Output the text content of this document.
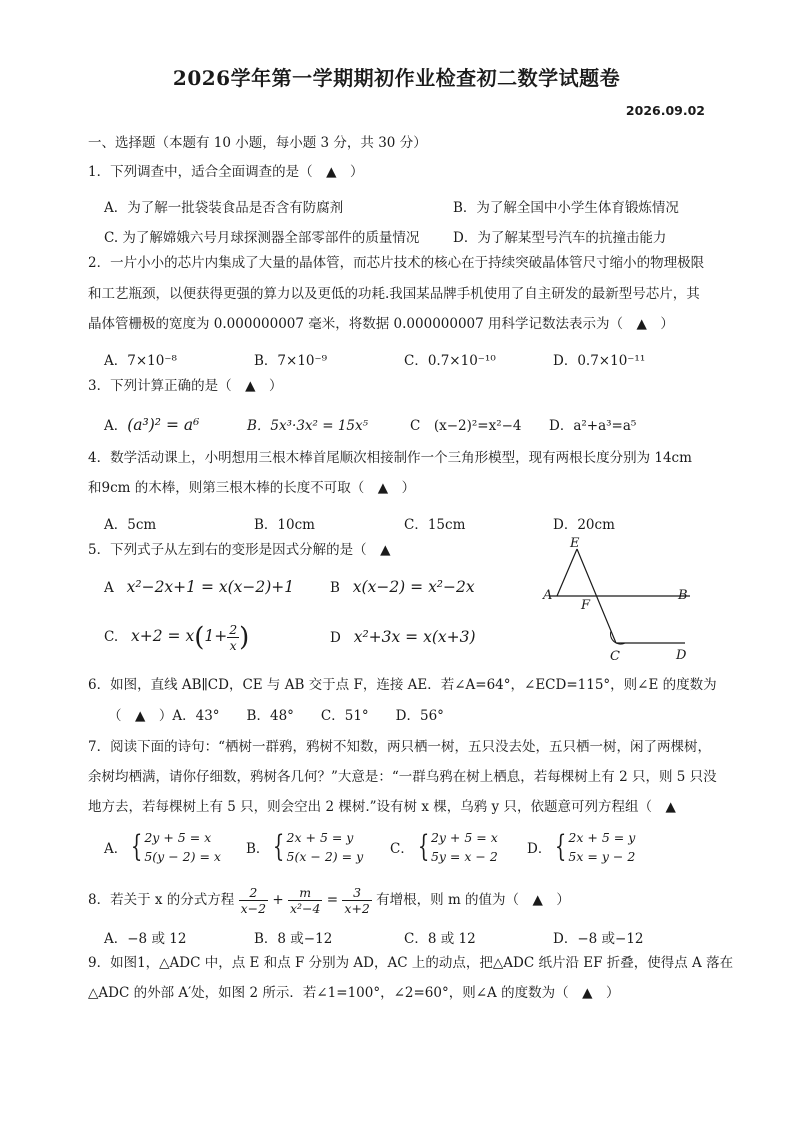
2026学年第一学期期初作业检查初二数学试题卷
2026.09.02
一、选择题（本题有 10 小题，每小题 3 分，共 30 分）
1．下列调查中，适合全面调查的是（　▲　）
A．为了解一批袋装食品是否含有防腐剂	B．为了解全国中小学生体育锻炼情况
C. 为了解嫦娥六号月球探测器全部零部件的质量情况 D．为了解某型号汽车的抗撞击能力
2．一片小小的芯片内集成了大量的晶体管，而芯片技术的核心在于持续突破晶体管尺寸缩小的物理极限
和工艺瓶颈，以便获得更强的算力以及更低的功耗.我国某品牌手机使用了自主研发的最新型号芯片，其
晶体管栅极的宽度为 0.000000007 毫米，将数据 0.000000007 用科学记数法表示为（　▲　）
A．7×10⁻⁸	B．7×10⁻⁹	C．0.7×10⁻¹⁰	D．0.7×10⁻¹¹
3．下列计算正确的是（　▲　）
A．(a³)² = a⁶	B．5x³·3x² = 15x⁵	C　(x−2)²=x²−4 D．a²+a³=a⁵
4．数学活动课上，小明想用三根木棒首尾顺次相接制作一个三角形模型，现有两根长度分别为 14cm
和9cm 的木棒，则第三根木棒的长度不可取（　▲　）
A．5cm	B．10cm	C．15cm	D．20cm
5．下列式子从左到右的变形是因式分解的是（　▲
A x²−2x+1 = x(x−2)+1	B x(x−2) = x²−2x
C. $x+2 = x(1+ \frac{2}{x}$ )	D x²+3x = x(x+3)
E
A
F
B
C	D
6．如图，直线 AB∥CD，CE 与 AB 交于点 F，连接 AE．若∠A=64°，∠ECD=115°，则∠E 的度数为
（　▲　）A．43°　　B．48°　　C．51°　　D．56°
7．阅读下面的诗句：“栖树一群鸦，鸦树不知数，两只栖一树，五只没去处，五只栖一树，闲了两棵树，
余树均栖满，请你仔细数，鸦树各几何？”大意是：“一群乌鸦在树上栖息，若每棵树上有 2 只，则 5 只没
地方去，若每棵树上有 5 只，则会空出 2 棵树.”设有树 x 棵，乌鸦 y 只，依题意可列方程组（　▲
A． { 2y + 5 = x
5(y − 2) = x B． { 2x + 5 = y
5(x − 2) = y C． { 2y + 5 = x
5y = x − 2 D． { 2x + 5 = y
5x = y − 2
8．若关于 x 的分式方程 $\frac{2}{x-2} + \frac{m}{\text{x²−4}} = \frac{3}{x+2}$ 有增根，则 m 的值为（　▲　）
A．−8 或 12	B．8 或−12	C．8 或 12	D．−8 或−12
9．如图1，△ADC 中，点 E 和点 F 分别为 AD，AC 上的动点，把△ADC 纸片沿 EF 折叠，使得点 A 落在
△ADC 的外部 A′处，如图 2 所示．若∠1=100°，∠2=60°，则∠A 的度数为（　▲　）
